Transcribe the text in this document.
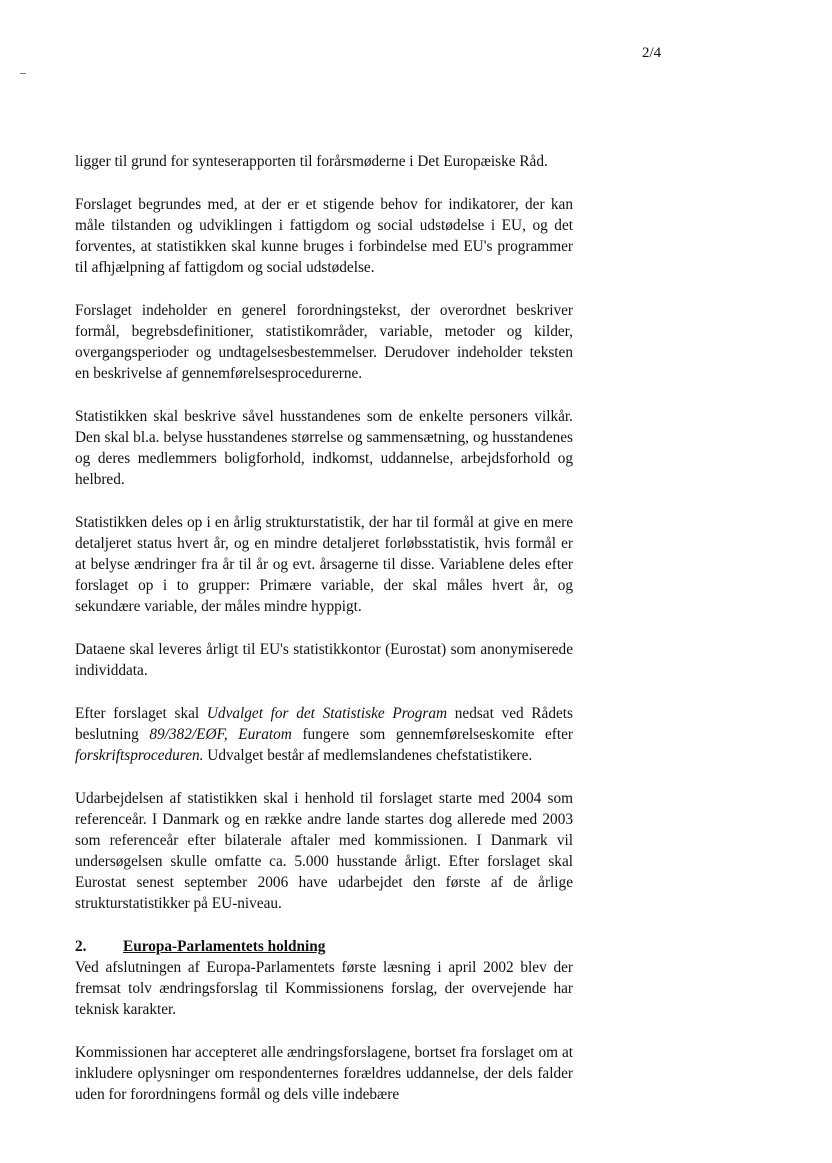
2/4

ligger til grund for synteserapporten til forårsmøderne i Det Europæiske Råd.

Forslaget begrundes med, at der er et stigende behov for indikatorer, der kan måle tilstanden og udviklingen i fattigdom og social udstødelse i EU, og det forventes, at statistikken skal kunne bruges i forbindelse med EU's programmer til afhjælpning af fattigdom og social udstødelse.

Forslaget indeholder en generel forordningstekst, der overordnet beskriver formål, begrebsdefinitioner, statistikområder, variable, metoder og kilder, overgangsperioder og undtagelsesbestemmelser. Derudover indeholder teksten en beskrivelse af gennemførelsesprocedurerne.

Statistikken skal beskrive såvel husstandenes som de enkelte personers vilkår. Den skal bl.a. belyse husstandenes størrelse og sammensætning, og husstandenes og deres medlemmers boligforhold, indkomst, uddannelse, arbejdsforhold og helbred.

Statistikken deles op i en årlig strukturstatistik, der har til formål at give en mere detaljeret status hvert år, og en mindre detaljeret forløbsstatistik, hvis formål er at belyse ændringer fra år til år og evt. årsagerne til disse. Variablene deles efter forslaget op i to grupper: Primære variable, der skal måles hvert år, og sekundære variable, der måles mindre hyppigt.

Dataene skal leveres årligt til EU's statistikkontor (Eurostat) som anonymiserede individdata.

Efter forslaget skal Udvalget for det Statistiske Program nedsat ved Rådets beslutning 89/382/EØF, Euratom fungere som gennemførelseskomite efter forskriftsproceduren. Udvalget består af medlemslandenes chefstatistikere.

Udarbejdelsen af statistikken skal i henhold til forslaget starte med 2004 som referenceår. I Danmark og en række andre lande startes dog allerede med 2003 som referenceår efter bilaterale aftaler med kommissionen. I Danmark vil undersøgelsen skulle omfatte ca. 5.000 husstande årligt. Efter forslaget skal Eurostat senest september 2006 have udarbejdet den første af de årlige strukturstatistikker på EU-niveau.

2.	Europa-Parlamentets holdning

Ved afslutningen af Europa-Parlamentets første læsning i april 2002 blev der fremsat tolv ændringsforslag til Kommissionens forslag, der overvejende har teknisk karakter.

Kommissionen har accepteret alle ændringsforslagene, bortset fra forslaget om at inkludere oplysninger om respondenternes forældres uddannelse, der dels falder uden for forordningens formål og dels ville indebære
